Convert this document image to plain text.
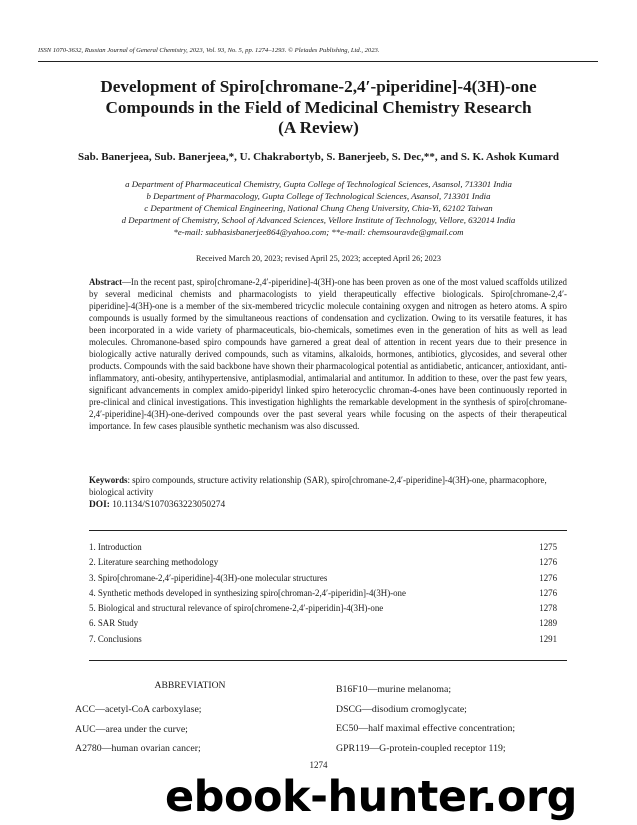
ISSN 1070-3632, Russian Journal of General Chemistry, 2023, Vol. 93, No. 5, pp. 1274–1293. © Pleiades Publishing, Ltd., 2023.
Development of Spiro[chromane-2,4′-piperidine]-4(3H)-one
Compounds in the Field of Medicinal Chemistry Research
(A Review)
Sab. Banerjeea, Sub. Banerjeea,*, U. Chakrabortyb, S. Banerjeeb, S. Dec,**, and S. K. Ashok Kumard
a Department of Pharmaceutical Chemistry, Gupta College of Technological Sciences, Asansol, 713301 India
b Department of Pharmacology, Gupta College of Technological Sciences, Asansol, 713301 India
c Department of Chemical Engineering, National Chung Cheng University, Chia-Yi, 62102 Taiwan
d Department of Chemistry, School of Advanced Sciences, Vellore Institute of Technology, Vellore, 632014 India
*e-mail: subhasisbanerjee864@yahoo.com; **e-mail: chemsouravde@gmail.com
Received March 20, 2023; revised April 25, 2023; accepted April 26; 2023
Abstract—In the recent past, spiro[chromane-2,4′-piperidine]-4(3H)-one has been proven as one of the most valued scaffolds utilized by several medicinal chemists and pharmacologists to yield therapeutically effective biologicals. Spiro[chromane-2,4′-piperidine]-4(3H)-one is a member of the six-membered tricyclic molecule containing oxygen and nitrogen as hetero atoms. A spiro compounds is usually formed by the simultaneous reactions of condensation and cyclization. Owing to its versatile features, it has been incorporated in a wide variety of pharmaceuticals, bio-chemicals, sometimes even in the generation of hits as well as lead molecules. Chromanone-based spiro compounds have garnered a great deal of attention in recent years due to their presence in biologically active naturally derived compounds, such as vitamins, alkaloids, hormones, antibiotics, glycosides, and several other products. Compounds with the said backbone have shown their pharmacological potential as antidiabetic, anticancer, antioxidant, anti-inflammatory, anti-obesity, antihypertensive, antiplasmodial, antimalarial and antitumor. In addition to these, over the past few years, significant advancements in complex amido-piperidyl linked spiro heterocyclic chroman-4-ones have been continuously reported in pre-clinical and clinical investigations. This investigation highlights the remarkable development in the synthesis of spiro[chromane-2,4′-piperidine]-4(3H)-one-derived compounds over the past several years while focusing on the aspects of their therapeutical importance. In few cases plausible synthetic mechanism was also discussed.
Keywords: spiro compounds, structure activity relationship (SAR), spiro[chromane-2,4′-piperidine]-4(3H)-one, pharmacophore, biological activity
DOI: 10.1134/S1070363223050274
1. Introduction	1275
2. Literature searching methodology	1276
3. Spiro[chromane-2,4′-piperidine]-4(3H)-one molecular structures	1276
4. Synthetic methods developed in synthesizing spiro[chroman-2,4′-piperidin]-4(3H)-one	1276
5. Biological and structural relevance of spiro[chromene-2,4′-piperidin]-4(3H)-one	1278
6. SAR Study	1289
7. Conclusions	1291
ABBREVIATION
ACC—acetyl-CoA carboxylase;
AUC—area under the curve;
A2780—human ovarian cancer;
B16F10—murine melanoma;
DSCG—disodium cromoglycate;
EC50—half maximal effective concentration;
GPR119—G-protein-coupled receptor 119;
1274
ebook-hunter.org
